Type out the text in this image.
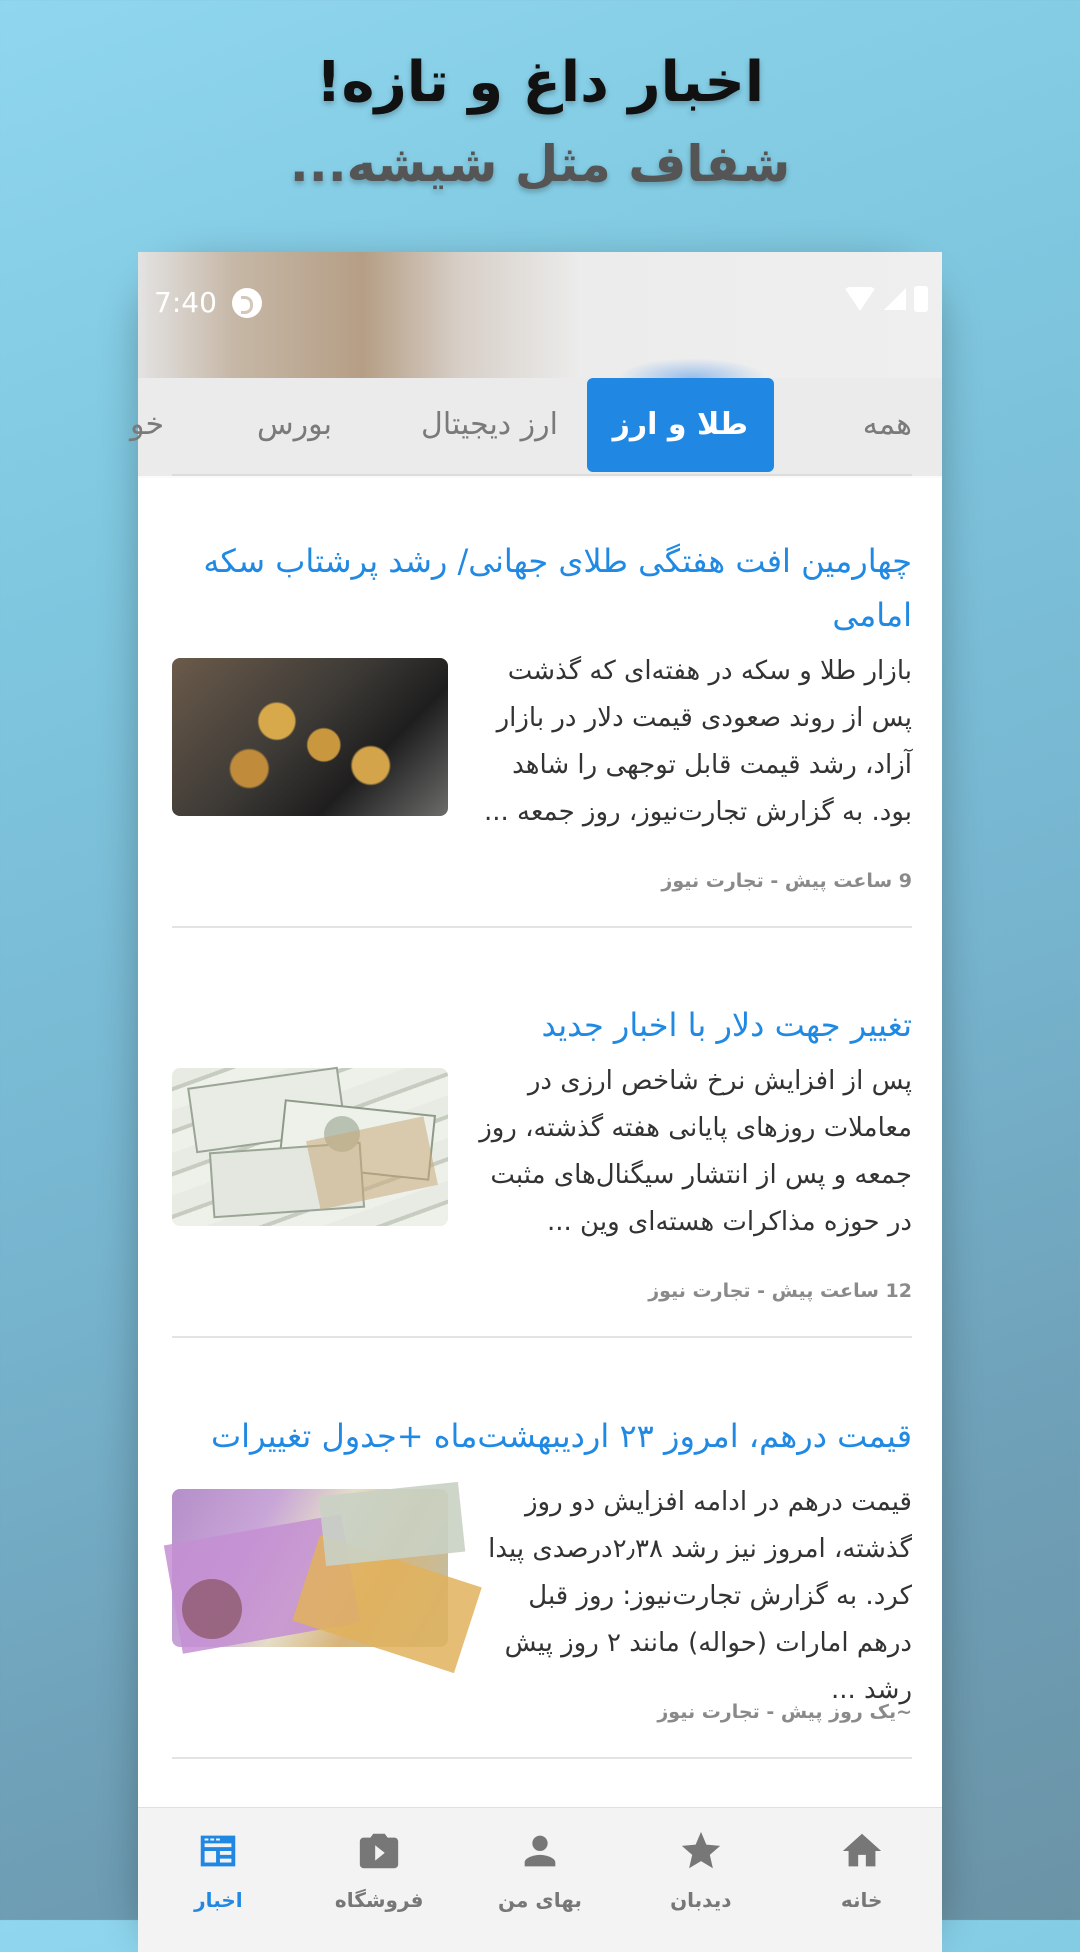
اخبار داغ و تازه!
شفاف مثل شیشه...
7:40
همه
طلا و ارز
ارز دیجیتال
بورس
خو
چهارمین افت هفتگی طلای جهانی/ رشد پرشتاب سکه امامی
بازار طلا و سکه در هفته‌ای که گذشت پس از روند صعودی قیمت دلار در بازار آزاد، رشد قیمت قابل توجهی را شاهد بود. به گزارش تجارت‌نیوز، روز جمعه ...
9 ساعت پیش - تجارت نیوز
تغییر جهت دلار با اخبار جدید
پس از افزایش نرخ شاخص ارزی در معاملات روزهای پایانی هفته گذشته، روز جمعه و پس از انتشار سیگنال‌های مثبت در حوزه مذاکرات هسته‌ای وین ...
12 ساعت پیش - تجارت نیوز
قیمت درهم، امروز ۲۳ اردیبهشت‌ماه +جدول تغییرات
قیمت درهم در ادامه افزایش دو روز گذشته، امروز نیز رشد ۲٫۳۸درصدی پیدا کرد. به گزارش تجارت‌نیوز: روز قبل درهم امارات (حواله) مانند ۲ روز پیش رشد ...
~یک روز پیش - تجارت نیوز
خانه
دیدبان
بهای من
فروشگاه
اخبار
